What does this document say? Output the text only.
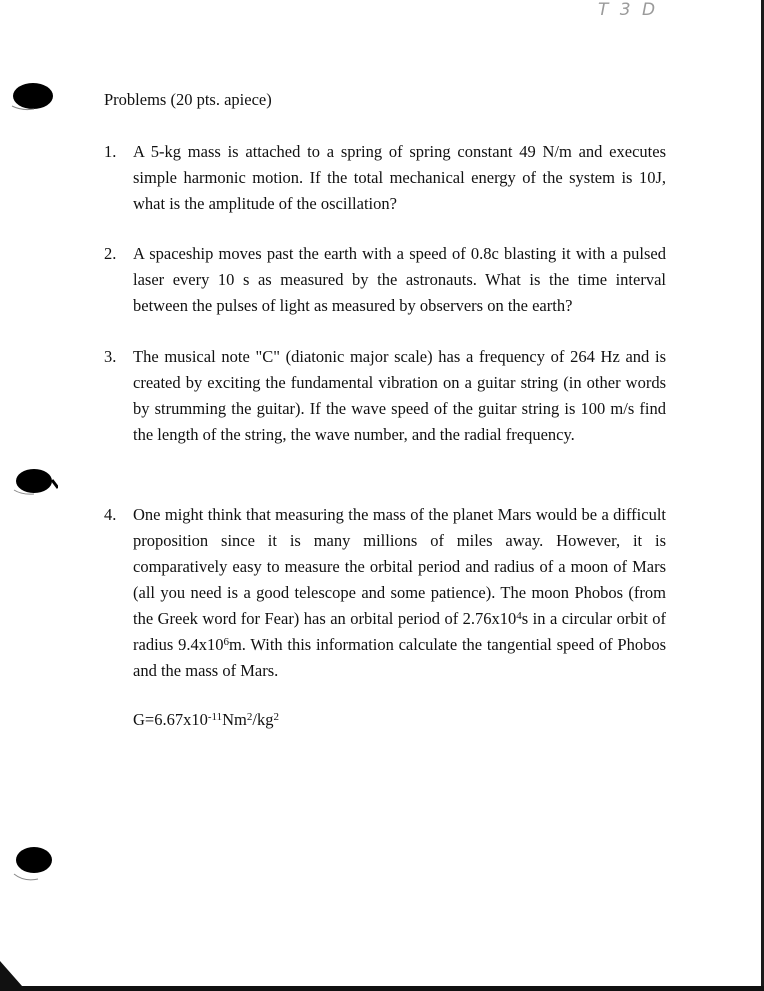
T 3 D
Problems (20 pts. apiece)
1.	A 5-kg mass is attached to a spring of spring constant 49 N/m and executes simple harmonic motion. If the total mechanical energy of the system is 10J, what is the amplitude of the oscillation?
2.	A spaceship moves past the earth with a speed of 0.8c blasting it with a pulsed laser every 10 s as measured by the astronauts. What is the time interval between the pulses of light as measured by observers on the earth?
3.	The musical note "C" (diatonic major scale) has a frequency of 264 Hz and is created by exciting the fundamental vibration on a guitar string (in other words by strumming the guitar). If the wave speed of the guitar string is 100 m/s find the length of the string, the wave number, and the radial frequency.
4.	One might think that measuring the mass of the planet Mars would be a difficult proposition since it is many millions of miles away. However, it is comparatively easy to measure the orbital period and radius of a moon of Mars (all you need is a good telescope and some patience). The moon Phobos (from the Greek word for Fear) has an orbital period of $2.76x10^4s$ in a circular orbit of radius $9.4x10^6m$. With this information calculate the tangential speed of Phobos and the mass of Mars.
$G=6.67x10^{-11}Nm^2/kg^2$
